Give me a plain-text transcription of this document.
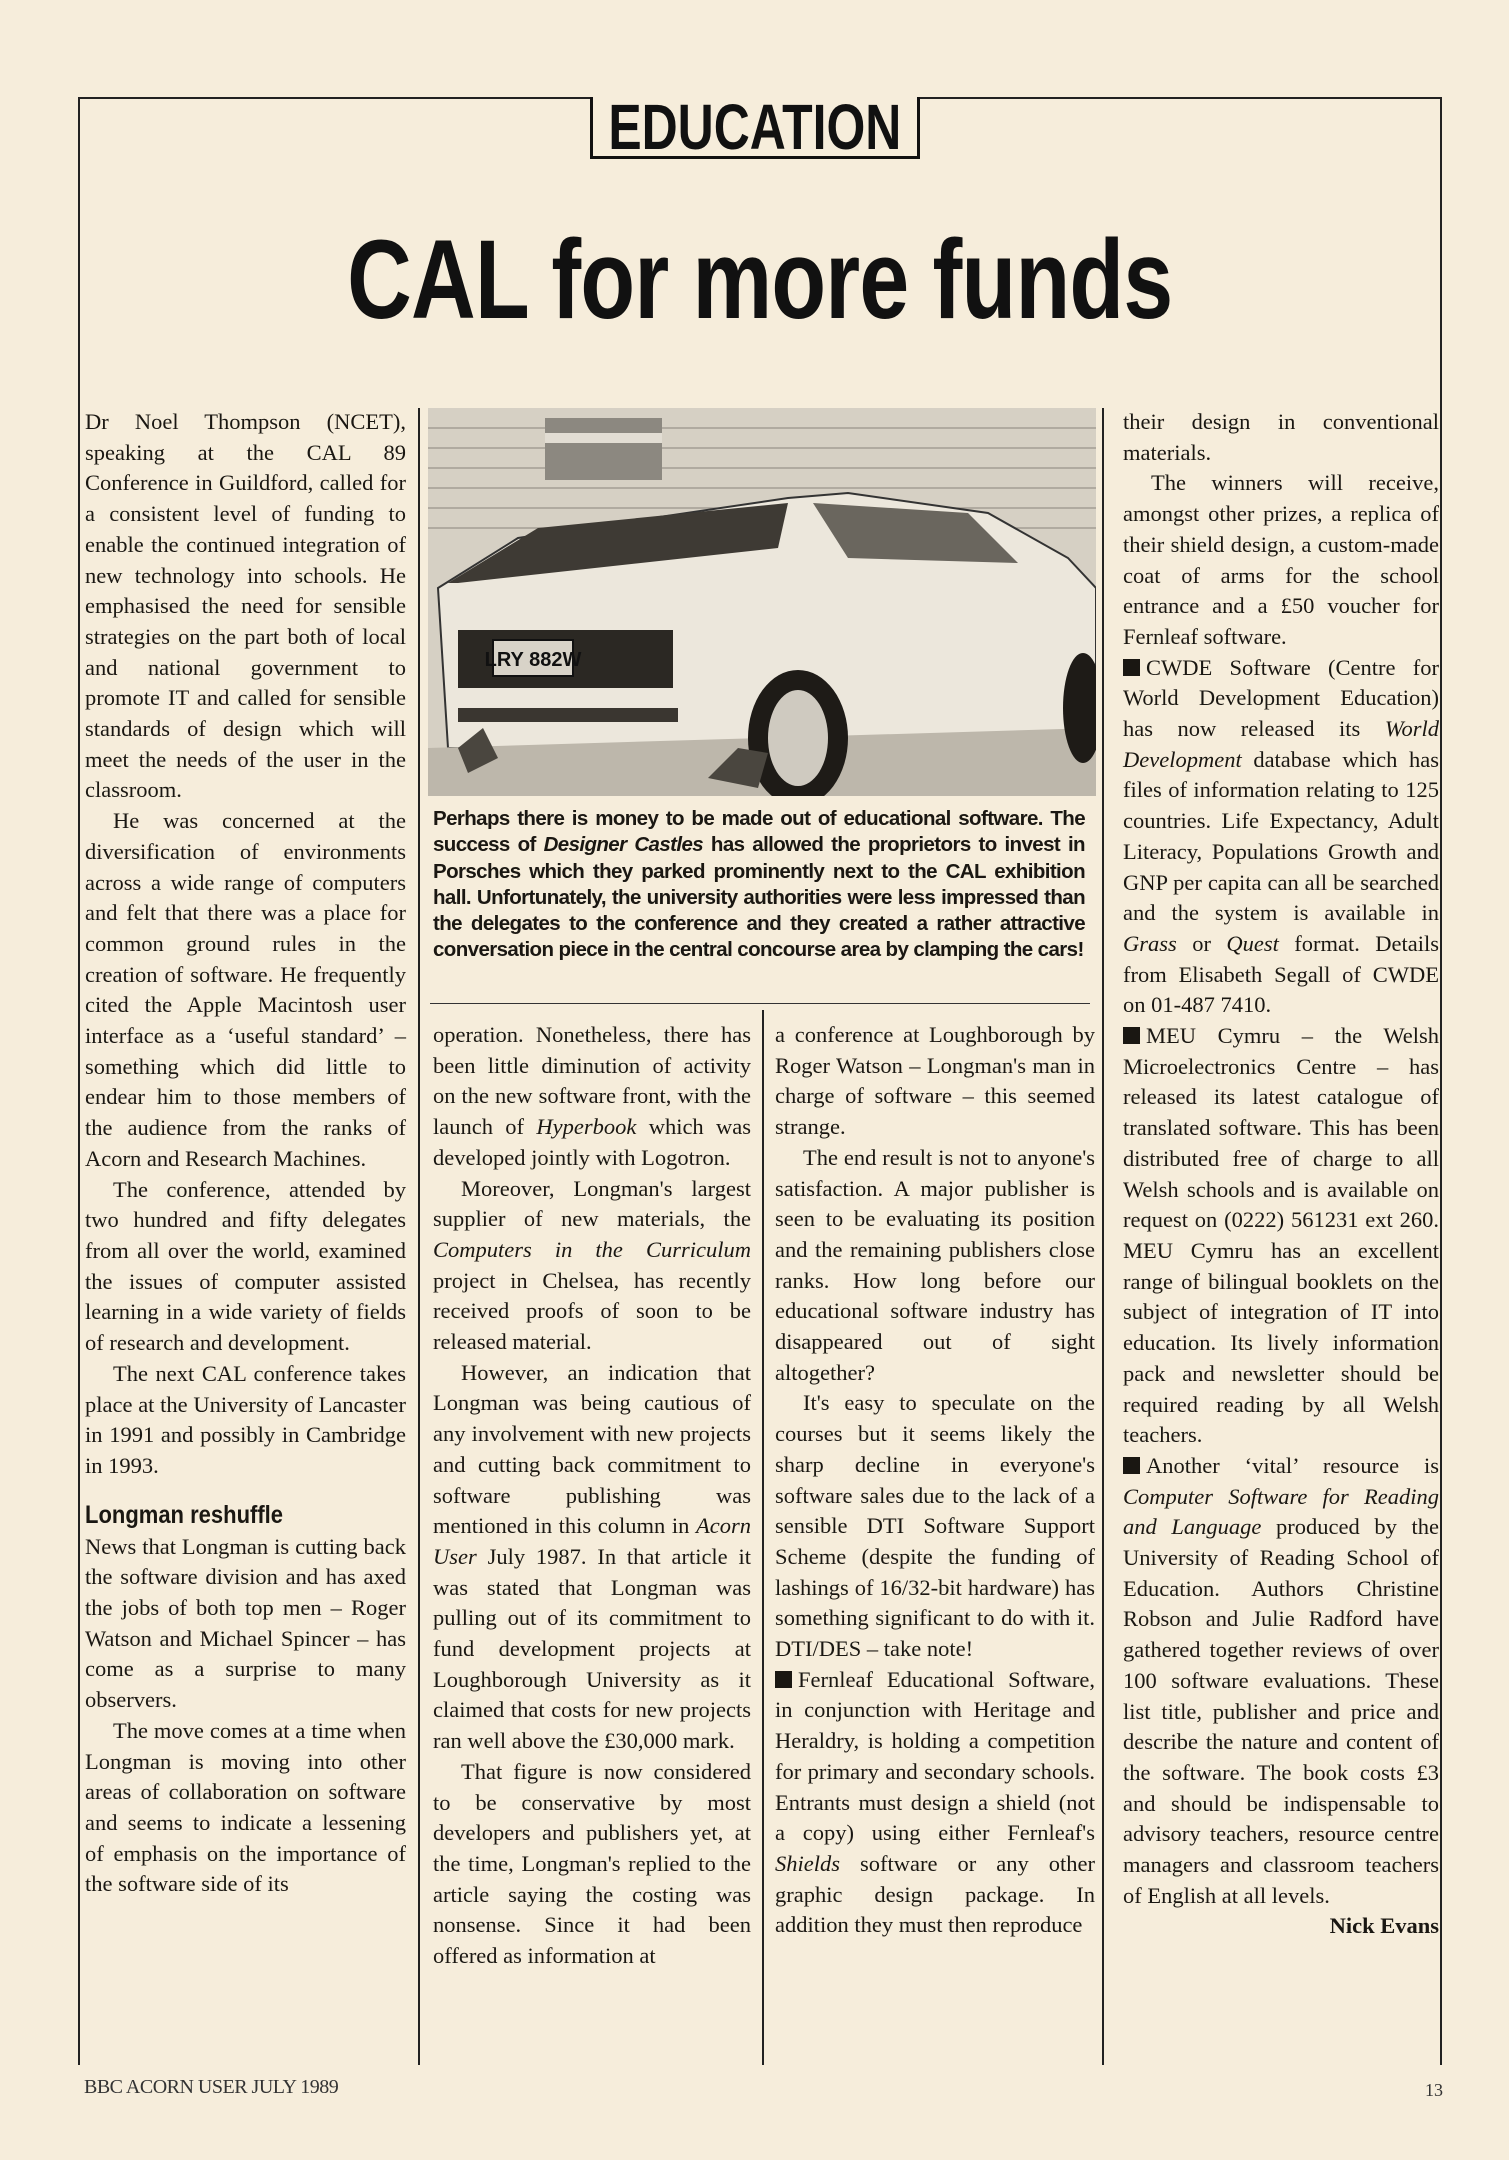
EDUCATION
CAL for more funds

Dr Noel Thompson (NCET), speaking at the CAL 89 Conference in Guildford, called for a consistent level of funding to enable the continued integration of new technology into schools. He emphasised the need for sensible strategies on the part both of local and national government to promote IT and called for sensible standards of design which will meet the needs of the user in the classroom.

He was concerned at the diversification of environments across a wide range of computers and felt that there was a place for common ground rules in the creation of software. He frequently cited the Apple Macintosh user interface as a ‘useful standard’ – something which did little to endear him to those members of the audience from the ranks of Acorn and Research Machines.

The conference, attended by two hundred and fifty delegates from all over the world, examined the issues of computer assisted learning in a wide variety of fields of research and development.

The next CAL conference takes place at the University of Lancaster in 1991 and possibly in Cambridge in 1993.

Longman reshuffle

News that Longman is cutting back the software division and has axed the jobs of both top men – Roger Watson and Michael Spincer – has come as a surprise to many observers.

The move comes at a time when Longman is moving into other areas of collaboration on software and seems to indicate a lessening of emphasis on the importance of the software side of its

operation. Nonetheless, there has been little diminution of activity on the new software front, with the launch of Hyperbook which was developed jointly with Logotron.

Moreover, Longman's largest supplier of new materials, the Computers in the Curriculum project in Chelsea, has recently received proofs of soon to be released material.

However, an indication that Longman was being cautious of any involvement with new projects and cutting back commitment to software publishing was mentioned in this column in Acorn User July 1987. In that article it was stated that Longman was pulling out of its commitment to fund development projects at Loughborough University as it claimed that costs for new projects ran well above the £30,000 mark.

That figure is now considered to be conservative by most developers and publishers yet, at the time, Longman's replied to the article saying the costing was nonsense. Since it had been offered as information at

a conference at Loughborough by Roger Watson – Longman's man in charge of software – this seemed strange.

The end result is not to anyone's satisfaction. A major publisher is seen to be evaluating its position and the remaining publishers close ranks. How long before our educational software industry has disappeared out of sight altogether?

It's easy to speculate on the courses but it seems likely the sharp decline in everyone's software sales due to the lack of a sensible DTI Software Support Scheme (despite the funding of lashings of 16/32-bit hardware) has something significant to do with it. DTI/DES – take note!

Fernleaf Educational Software, in conjunction with Heritage and Heraldry, is holding a competition for primary and secondary schools. Entrants must design a shield (not a copy) using either Fernleaf's Shields software or any other graphic design package. In addition they must then reproduce

their design in conventional materials.

The winners will receive, amongst other prizes, a replica of their shield design, a custom-made coat of arms for the school entrance and a £50 voucher for Fernleaf software.

CWDE Software (Centre for World Development Education) has now released its World Development database which has files of information relating to 125 countries. Life Expectancy, Adult Literacy, Populations Growth and GNP per capita can all be searched and the system is available in Grass or Quest format. Details from Elisabeth Segall of CWDE on 01-487 7410.

MEU Cymru – the Welsh Microelectronics Centre – has released its latest catalogue of translated software. This has been distributed free of charge to all Welsh schools and is available on request on (0222) 561231 ext 260. MEU Cymru has an excellent range of bilingual booklets on the subject of integration of IT into education. Its lively information pack and newsletter should be required reading by all Welsh teachers.

Another ‘vital’ resource is Computer Software for Reading and Language produced by the University of Reading School of Education. Authors Christine Robson and Julie Radford have gathered together reviews of over 100 software evaluations. These list title, publisher and price and describe the nature and content of the software. The book costs £3 and should be indispensable to advisory teachers, resource centre managers and classroom teachers of English at all levels.

Nick Evans

LRY 882W
Perhaps there is money to be made out of educational software. The success of Designer Castles has allowed the proprietors to invest in Porsches which they parked prominently next to the CAL exhibition hall. Unfortunately, the university authorities were less impressed than the delegates to the conference and they created a rather attractive conversation piece in the central concourse area by clamping the cars!
BBC ACORN USER JULY 1989	13
